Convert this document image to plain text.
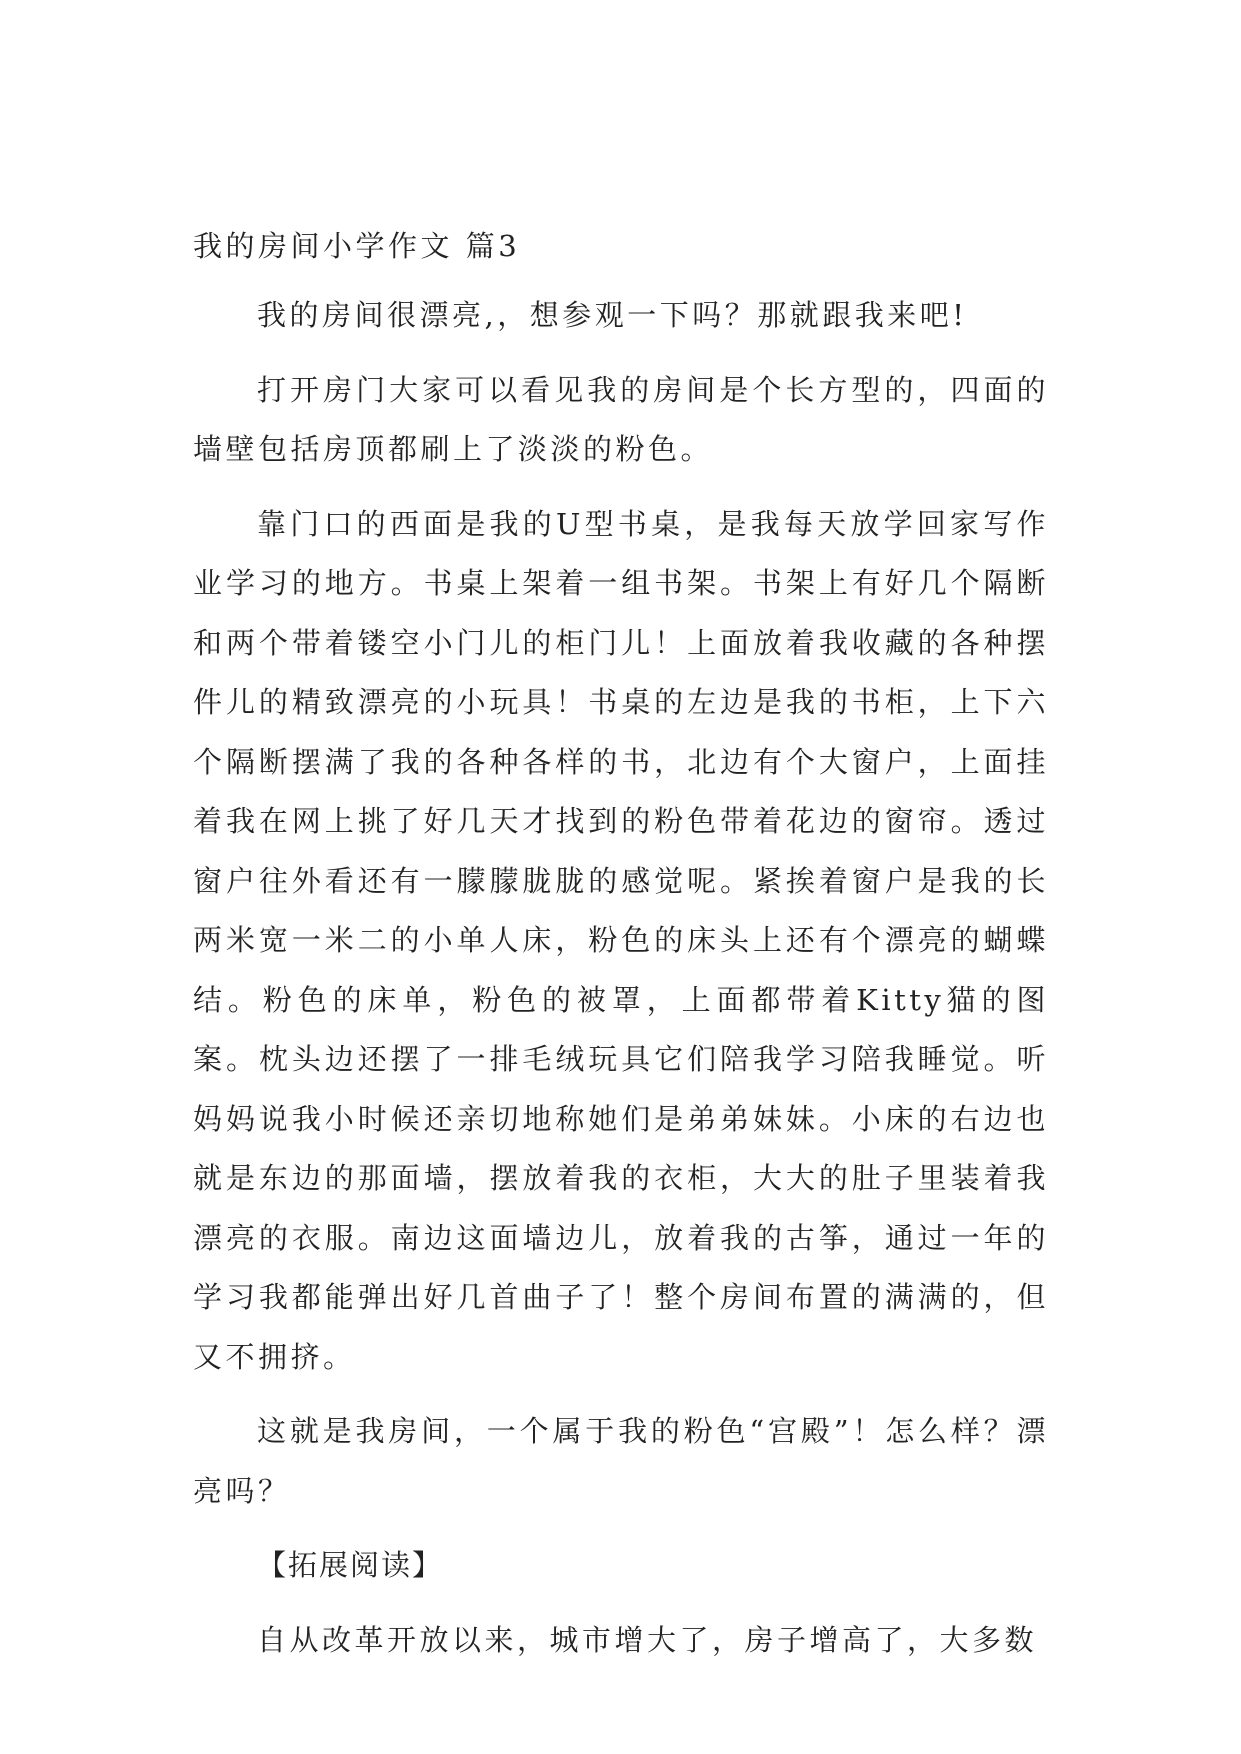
我的房间小学作文 篇3

我的房间很漂亮,，想参观一下吗？那就跟我来吧!

打开房门大家可以看见我的房间是个长方型的，四面的墙壁包括房顶都刷上了淡淡的粉色。

靠门口的西面是我的U型书桌，是我每天放学回家写作业学习的地方。书桌上架着一组书架。书架上有好几个隔断和两个带着镂空小门儿的柜门儿！上面放着我收藏的各种摆件儿的精致漂亮的小玩具！书桌的左边是我的书柜，上下六个隔断摆满了我的各种各样的书，北边有个大窗户，上面挂着我在网上挑了好几天才找到的粉色带着花边的窗帘。透过窗户往外看还有一朦朦胧胧的感觉呢。紧挨着窗户是我的长两米宽一米二的小单人床，粉色的床头上还有个漂亮的蝴蝶结。粉色的床单，粉色的被罩，上面都带着Kitty猫的图案。枕头边还摆了一排毛绒玩具它们陪我学习陪我睡觉。听妈妈说我小时候还亲切地称她们是弟弟妹妹。小床的右边也就是东边的那面墙，摆放着我的衣柜，大大的肚子里装着我漂亮的衣服。南边这面墙边儿，放着我的古筝，通过一年的学习我都能弹出好几首曲子了！整个房间布置的满满的，但又不拥挤。

这就是我房间，一个属于我的粉色“宫殿”！怎么样？漂亮吗？

【拓展阅读】

自从改革开放以来，城市增大了，房子增高了，大多数
